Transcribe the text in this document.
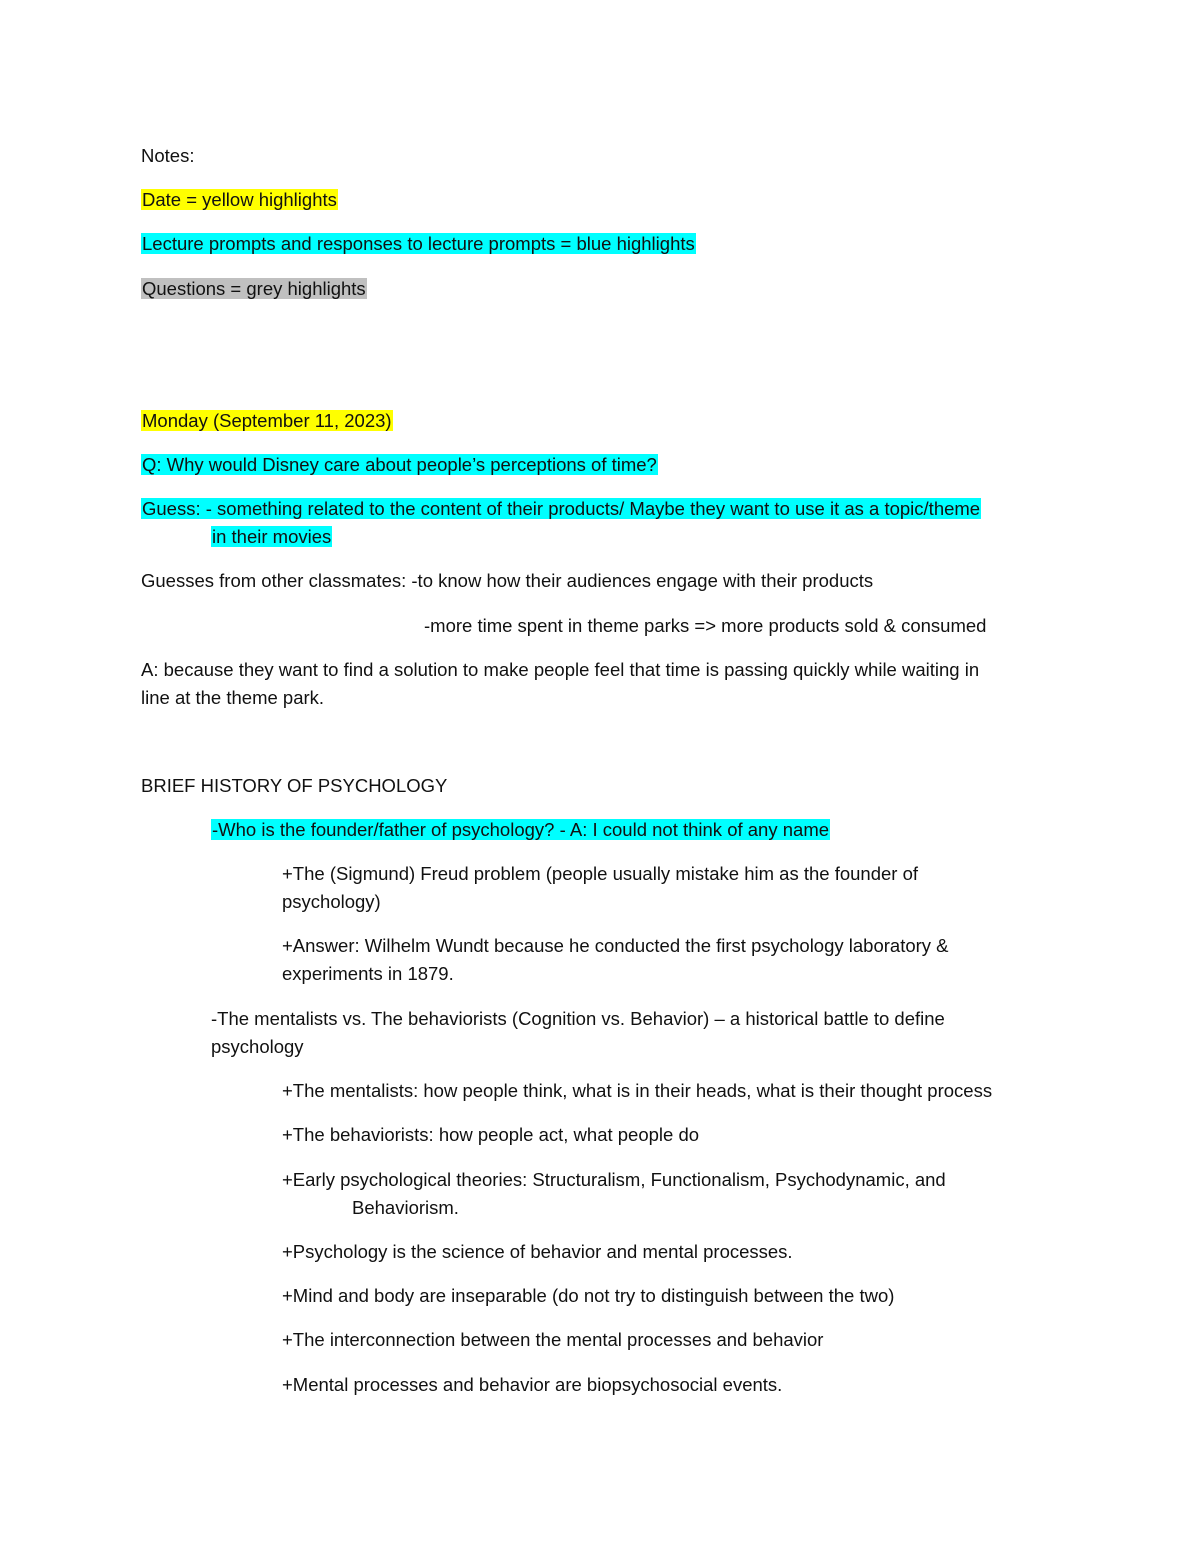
Notes:
Date = yellow highlights
Lecture prompts and responses to lecture prompts = blue highlights
Questions = grey highlights
Monday (September 11, 2023)
Q: Why would Disney care about people’s perceptions of time?
Guess: - something related to the content of their products/ Maybe they want to use it as a topic/theme
in their movies
Guesses from other classmates: -to know how their audiences engage with their products
-more time spent in theme parks => more products sold & consumed
A: because they want to find a solution to make people feel that time is passing quickly while waiting in
line at the theme park.
BRIEF HISTORY OF PSYCHOLOGY
-Who is the founder/father of psychology? - A: I could not think of any name
+The (Sigmund) Freud problem (people usually mistake him as the founder of
psychology)
+Answer: Wilhelm Wundt because he conducted the first psychology laboratory &
experiments in 1879.
-The mentalists vs. The behaviorists (Cognition vs. Behavior) – a historical battle to define
psychology
+The mentalists: how people think, what is in their heads, what is their thought process
+The behaviorists: how people act, what people do
+Early psychological theories: Structuralism, Functionalism, Psychodynamic, and
Behaviorism.
+Psychology is the science of behavior and mental processes.
+Mind and body are inseparable (do not try to distinguish between the two)
+The interconnection between the mental processes and behavior
+Mental processes and behavior are biopsychosocial events.
